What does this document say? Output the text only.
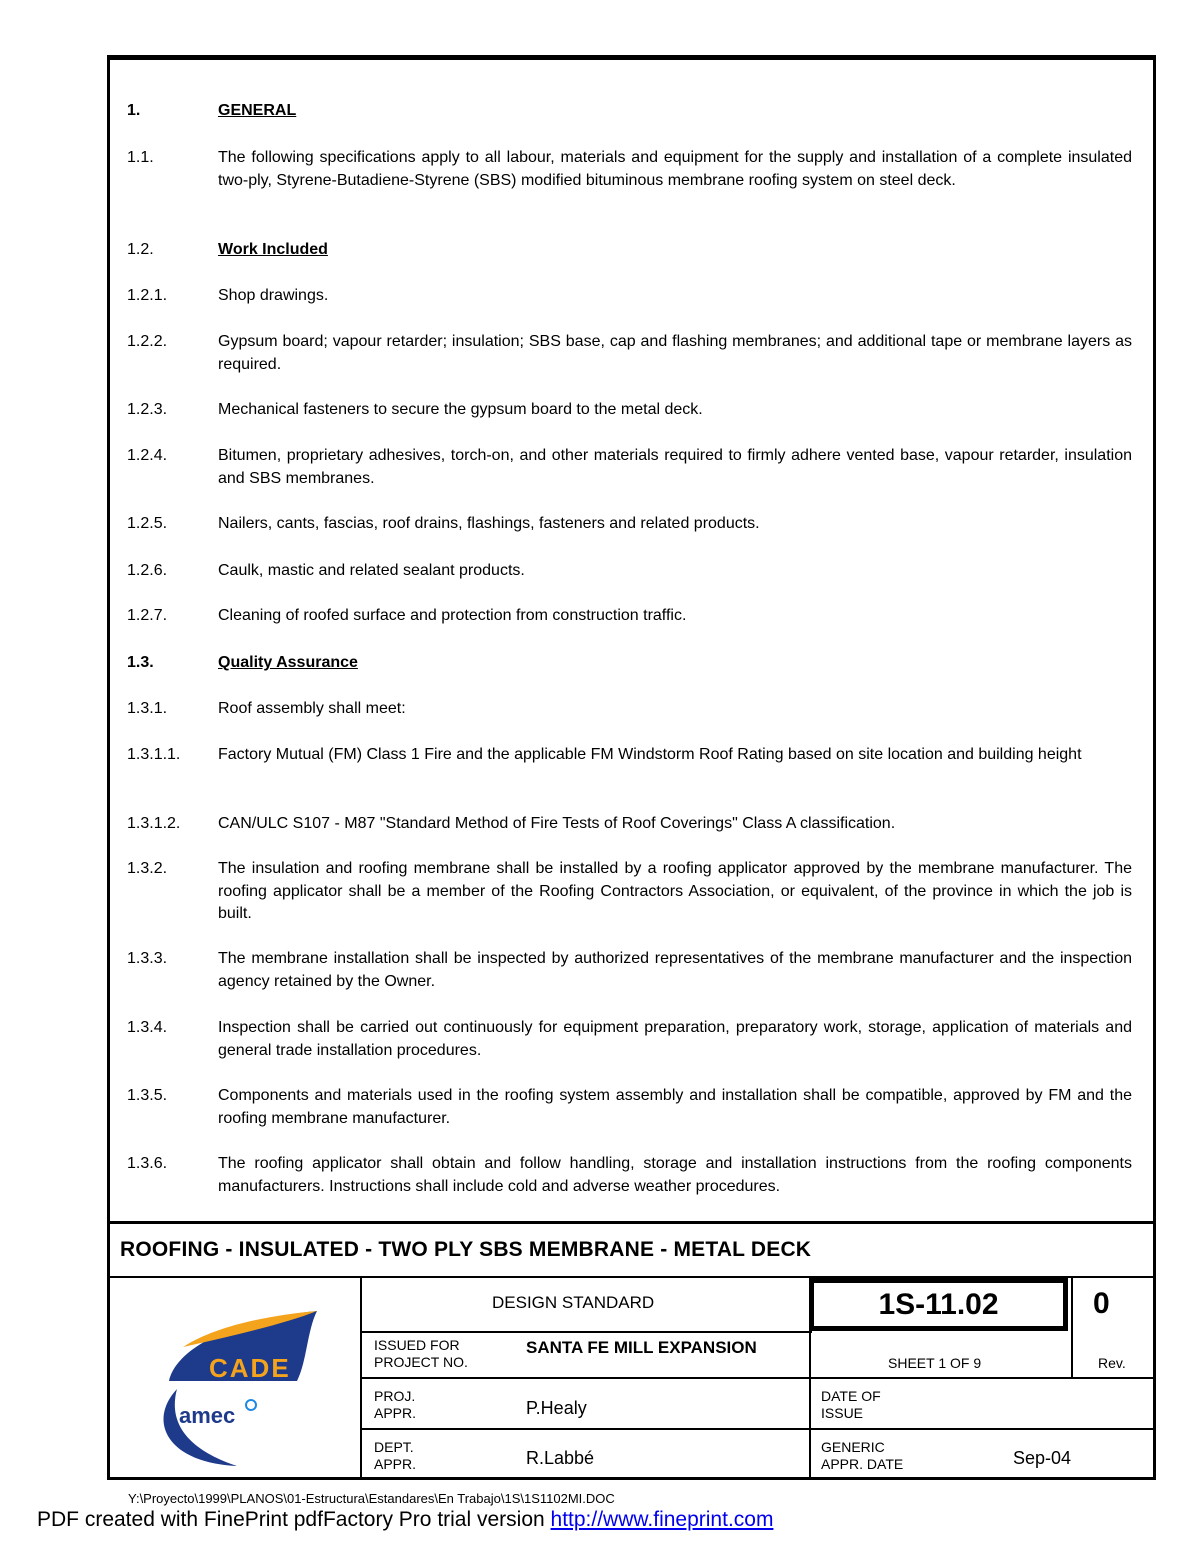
1.	GENERAL
1.1.	The following specifications apply to all labour, materials and equipment for the supply and installation of a complete insulated two-ply, Styrene-Butadiene-Styrene (SBS) modified bituminous membrane roofing system on steel deck.
1.2.	Work Included
1.2.1.	Shop drawings.
1.2.2.	Gypsum board; vapour retarder; insulation; SBS base, cap and flashing membranes; and additional tape or membrane layers as required.
1.2.3.	Mechanical fasteners to secure the gypsum board to the metal deck.
1.2.4.	Bitumen, proprietary adhesives, torch-on, and other materials required to firmly adhere vented base, vapour retarder, insulation and SBS membranes.
1.2.5.	Nailers, cants, fascias, roof drains, flashings, fasteners and related products.
1.2.6.	Caulk, mastic and related sealant products.
1.2.7.	Cleaning of roofed surface and protection from construction traffic.
1.3.	Quality Assurance
1.3.1.	Roof assembly shall meet:
1.3.1.1.	Factory Mutual (FM) Class 1 Fire and the applicable FM Windstorm Roof Rating based on site location and building height
1.3.1.2.	CAN/ULC S107 - M87 "Standard Method of Fire Tests of Roof Coverings" Class A classification.
1.3.2.	The insulation and roofing membrane shall be installed by a roofing applicator approved by the membrane manufacturer. The roofing applicator shall be a member of the Roofing Contractors Association, or equivalent, of the province in which the job is built.
1.3.3.	The membrane installation shall be inspected by authorized representatives of the membrane manufacturer and the inspection agency retained by the Owner.
1.3.4.	Inspection shall be carried out continuously for equipment preparation, preparatory work, storage, application of materials and general trade installation procedures.
1.3.5.	Components and materials used in the roofing system assembly and installation shall be compatible, approved by FM and the roofing membrane manufacturer.
1.3.6.	The roofing applicator shall obtain and follow handling, storage and installation instructions from the roofing components manufacturers. Instructions shall include cold and adverse weather procedures.
ROOFING - INSULATED - TWO PLY SBS MEMBRANE - METAL DECK
CADE
amec
DESIGN STANDARD	1S-11.02	0
ISSUED FOR
PROJECT NO.
SANTA FE MILL EXPANSION
SHEET 1 OF 9	Rev.
PROJ.
APPR.	P.Healy
DATE OF
ISSUE
DEPT.
APPR.	R.Labbé
GENERIC
APPR. DATE	Sep-04
Y:\Proyecto\1999\PLANOS\01-Estructura\Estandares\En Trabajo\1S\1S1102MI.DOC
PDF created with FinePrint pdfFactory Pro trial version http://www.fineprint.com
